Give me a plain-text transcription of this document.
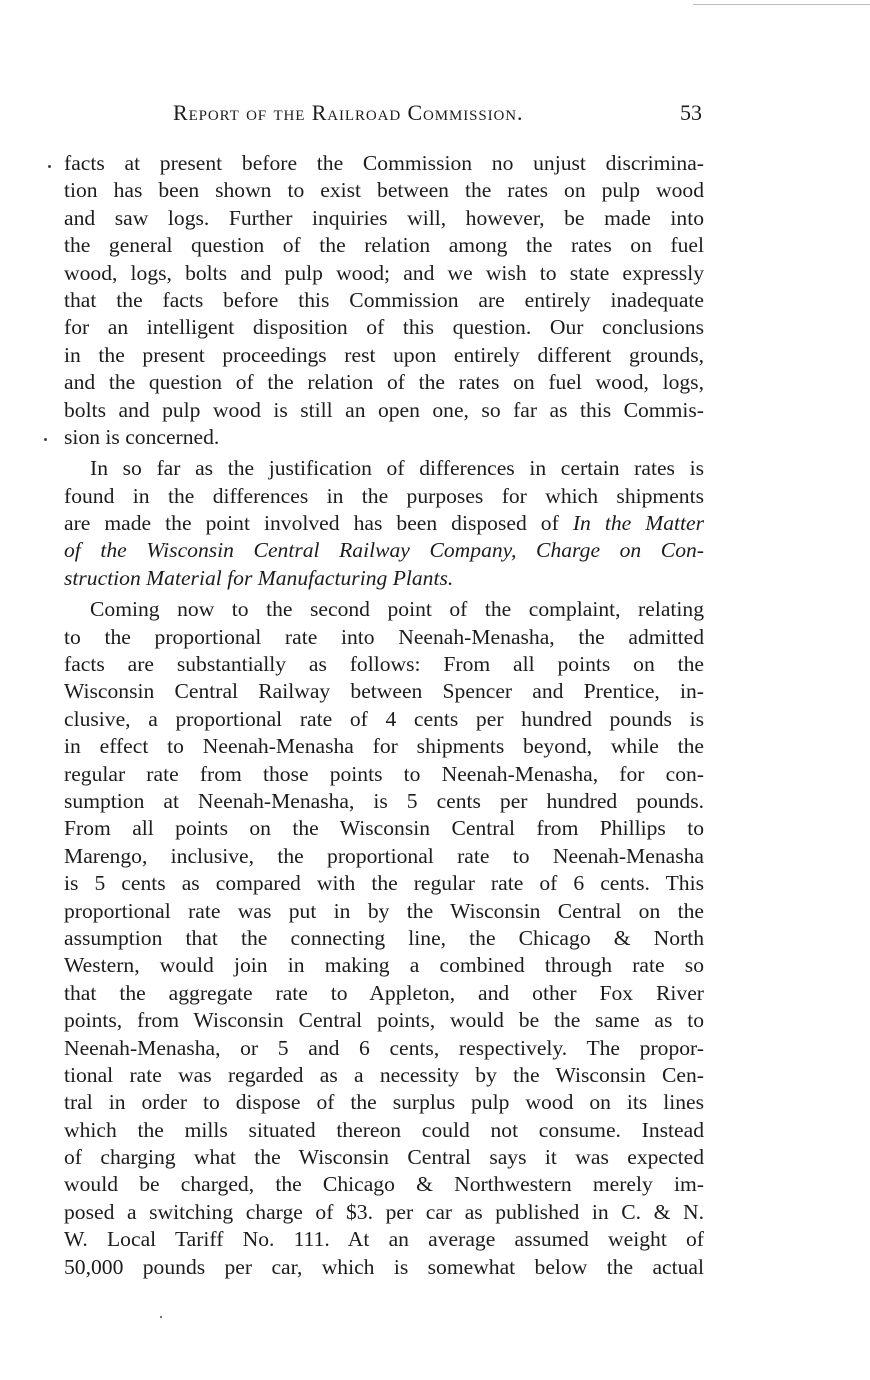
Report of the Railroad Commission.	53
facts at present before the Commission no unjust discrimina-
tion has been shown to exist between the rates on pulp wood
and saw logs. Further inquiries will, however, be made into
the general question of the relation among the rates on fuel
wood, logs, bolts and pulp wood; and we wish to state expressly
that the facts before this Commission are entirely inadequate
for an intelligent disposition of this question. Our conclusions
in the present proceedings rest upon entirely different grounds,
and the question of the relation of the rates on fuel wood, logs,
bolts and pulp wood is still an open one, so far as this Commis-
sion is concerned.
In so far as the justification of differences in certain rates is
found in the differences in the purposes for which shipments
are made the point involved has been disposed of In the Matter
of the Wisconsin Central Railway Company, Charge on Con-
struction Material for Manufacturing Plants.
Coming now to the second point of the complaint, relating
to the proportional rate into Neenah-Menasha, the admitted
facts are substantially as follows: From all points on the
Wisconsin Central Railway between Spencer and Prentice, in-
clusive, a proportional rate of 4 cents per hundred pounds is
in effect to Neenah-Menasha for shipments beyond, while the
regular rate from those points to Neenah-Menasha, for con-
sumption at Neenah-Menasha, is 5 cents per hundred pounds.
From all points on the Wisconsin Central from Phillips to
Marengo, inclusive, the proportional rate to Neenah-Menasha
is 5 cents as compared with the regular rate of 6 cents. This
proportional rate was put in by the Wisconsin Central on the
assumption that the connecting line, the Chicago & North
Western, would join in making a combined through rate so
that the aggregate rate to Appleton, and other Fox River
points, from Wisconsin Central points, would be the same as to
Neenah-Menasha, or 5 and 6 cents, respectively. The propor-
tional rate was regarded as a necessity by the Wisconsin Cen-
tral in order to dispose of the surplus pulp wood on its lines
which the mills situated thereon could not consume. Instead
of charging what the Wisconsin Central says it was expected
would be charged, the Chicago & Northwestern merely im-
posed a switching charge of $3. per car as published in C. & N.
W. Local Tariff No. 111. At an average assumed weight of
50,000 pounds per car, which is somewhat below the actual
